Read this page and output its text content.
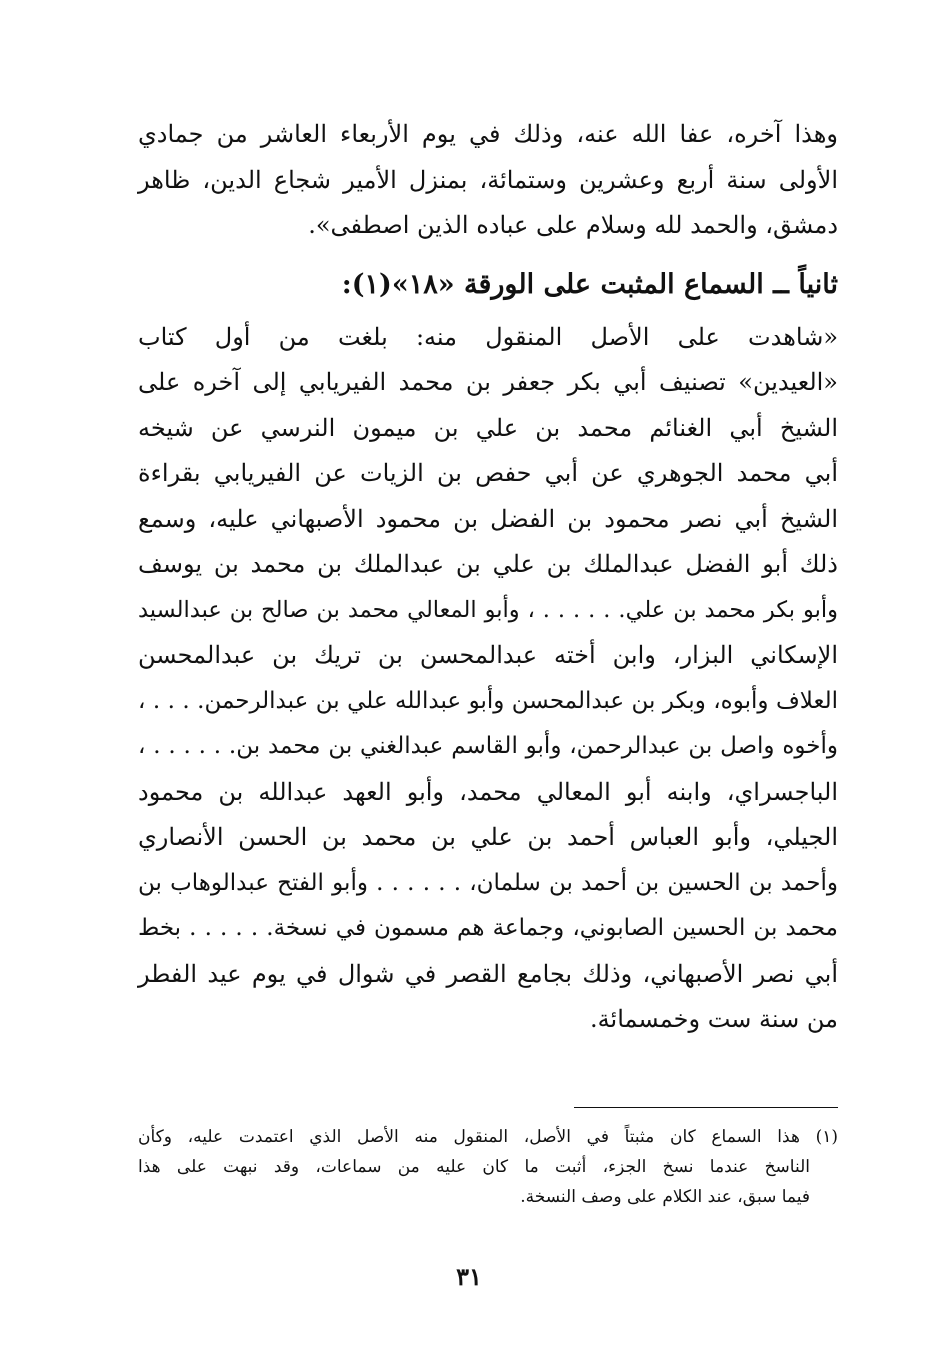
وهذا آخره، عفا الله عنه، وذلك في يوم الأربعاء العاشر من جمادي
الأولى سنة أربع وعشرين وستمائة، بمنزل الأمير شجاع الدين، ظاهر
دمشق، والحمد لله وسلام على عباده الذين اصطفى».
ثانياً ــ السماع المثبت على الورقة «١٨»(١):
«شاهدت على الأصل المنقول منه: بلغت من أول كتاب
«العيدين» تصنيف أبي بكر جعفر بن محمد الفيريابي إلى آخره على
الشيخ أبي الغنائم محمد بن علي بن ميمون النرسي عن شيخه
أبي محمد الجوهري عن أبي حفص بن الزيات عن الفيريابي بقراءة
الشيخ أبي نصر محمود بن الفضل بن محمود الأصبهاني عليه، وسمع
ذلك أبو الفضل عبدالملك بن علي بن عبدالملك بن محمد بن يوسف
وأبو بكر محمد بن علي. . . . . . ، وأبو المعالي محمد بن صالح بن عبدالسيد
الإسكاني البزار، وابن أخته عبدالمحسن بن تريك بن عبدالمحسن
العلاف وأبوه، وبكر بن عبدالمحسن وأبو عبدالله علي بن عبدالرحمن. . . . ،
وأخوه واصل بن عبدالرحمن، وأبو القاسم عبدالغني بن محمد بن. . . . . . ،
الباجسراي، وابنه أبو المعالي محمد، وأبو العهد عبدالله بن محمود
الجيلي، وأبو العباس أحمد بن علي بن محمد بن الحسن الأنصاري
وأحمد بن الحسين بن أحمد بن سلمان، . . . . . . وأبو الفتح عبدالوهاب بن
محمد بن الحسين الصابوني، وجماعة هم مسمون في نسخة. . . . . . بخط
أبي نصر الأصبهاني، وذلك بجامع القصر في شوال في يوم عيد الفطر
من سنة ست وخمسمائة.
(١) هذا السماع كان مثبتاً في الأصل، المنقول منه الأصل الذي اعتمدت عليه، وكأن
الناسخ عندما نسخ الجزء، أثبت ما كان عليه من سماعات، وقد نبهت على هذا
فيما سبق، عند الكلام على وصف النسخة.
٣١
